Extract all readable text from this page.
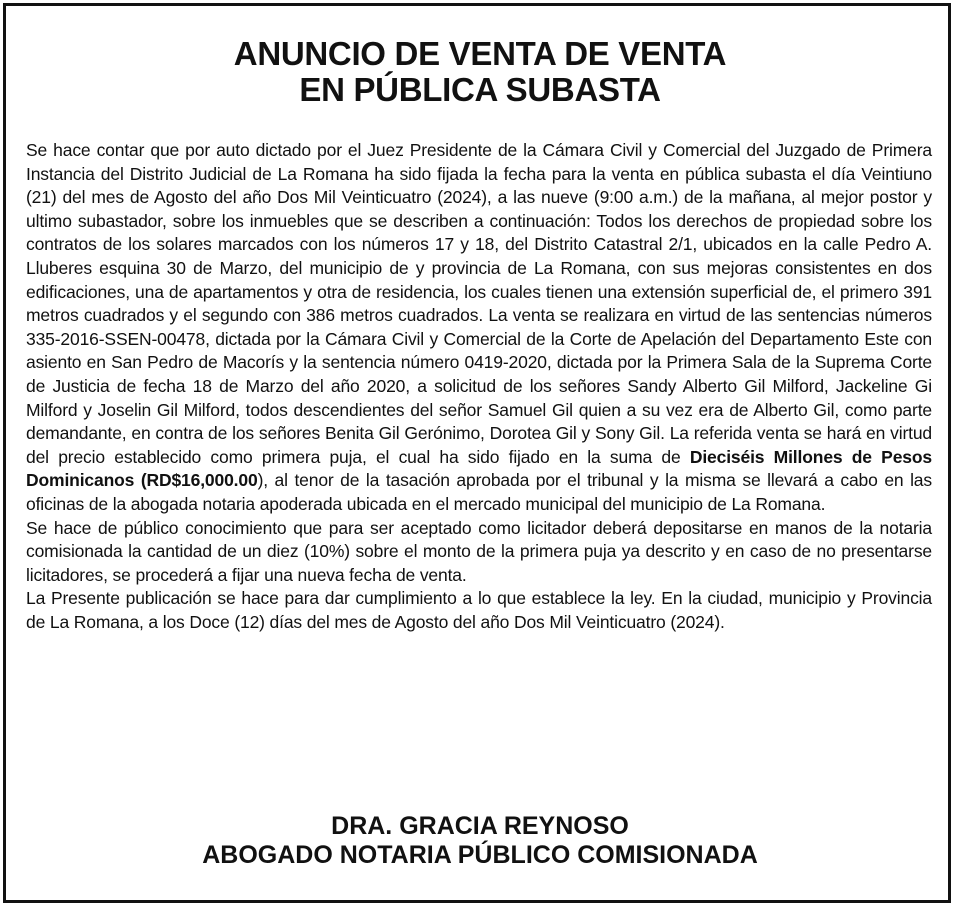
ANUNCIO DE VENTA DE VENTA
EN PÚBLICA SUBASTA

Se hace contar que por auto dictado por el Juez Presidente de la Cámara Civil y Comercial del Juzgado de Primera Instancia del Distrito Judicial de La Romana ha sido fijada la fecha para la venta en pública subasta el día Veintiuno (21) del mes de Agosto del año Dos Mil Veinticuatro (2024), a las nueve (9:00 a.m.) de la mañana, al mejor postor y ultimo subastador, sobre los inmuebles que se describen a continuación: Todos los derechos de propiedad sobre los contratos de los solares marcados con los números 17 y 18, del Distrito Catastral 2/1, ubicados en la calle Pedro A. Lluberes esquina 30 de Marzo, del municipio de y provincia de La Romana, con sus mejoras consistentes en dos edificaciones, una de apartamentos y otra de residencia, los cuales tienen una extensión superficial de, el primero 391 metros cuadrados y el segundo con 386 metros cuadrados. La venta se realizara en virtud de las sentencias números 335-2016-SSEN-00478, dictada por la Cámara Civil y Comercial de la Corte de Apelación del Departamento Este con asiento en San Pedro de Macorís y la sentencia número 0419-2020, dictada por la Primera Sala de la Suprema Corte de Justicia de fecha 18 de Marzo del año 2020, a solicitud de los señores Sandy Alberto Gil Milford, Jackeline Gi Milford y Joselin Gil Milford, todos descendientes del señor Samuel Gil quien a su vez era de Alberto Gil, como parte demandante, en contra de los señores Benita Gil Gerónimo, Dorotea Gil y Sony Gil. La referida venta se hará en virtud del precio establecido como primera puja, el cual ha sido fijado en la suma de Dieciséis Millones de Pesos Dominicanos (RD$16,000.00), al tenor de la tasación aprobada por el tribunal y la misma se llevará a cabo en las oficinas de la abogada notaria apoderada ubicada en el mercado municipal del municipio de La Romana.

Se hace de público conocimiento que para ser aceptado como licitador deberá depositarse en manos de la notaria comisionada la cantidad de un diez (10%) sobre el monto de la primera puja ya descrito y en caso de no presentarse licitadores, se procederá a fijar una nueva fecha de venta.

La Presente publicación se hace para dar cumplimiento a lo que establece la ley. En la ciudad, municipio y Provincia de La Romana, a los Doce (12) días del mes de Agosto del año Dos Mil Veinticuatro (2024).

DRA. GRACIA REYNOSO
ABOGADO NOTARIA PÚBLICO COMISIONADA
